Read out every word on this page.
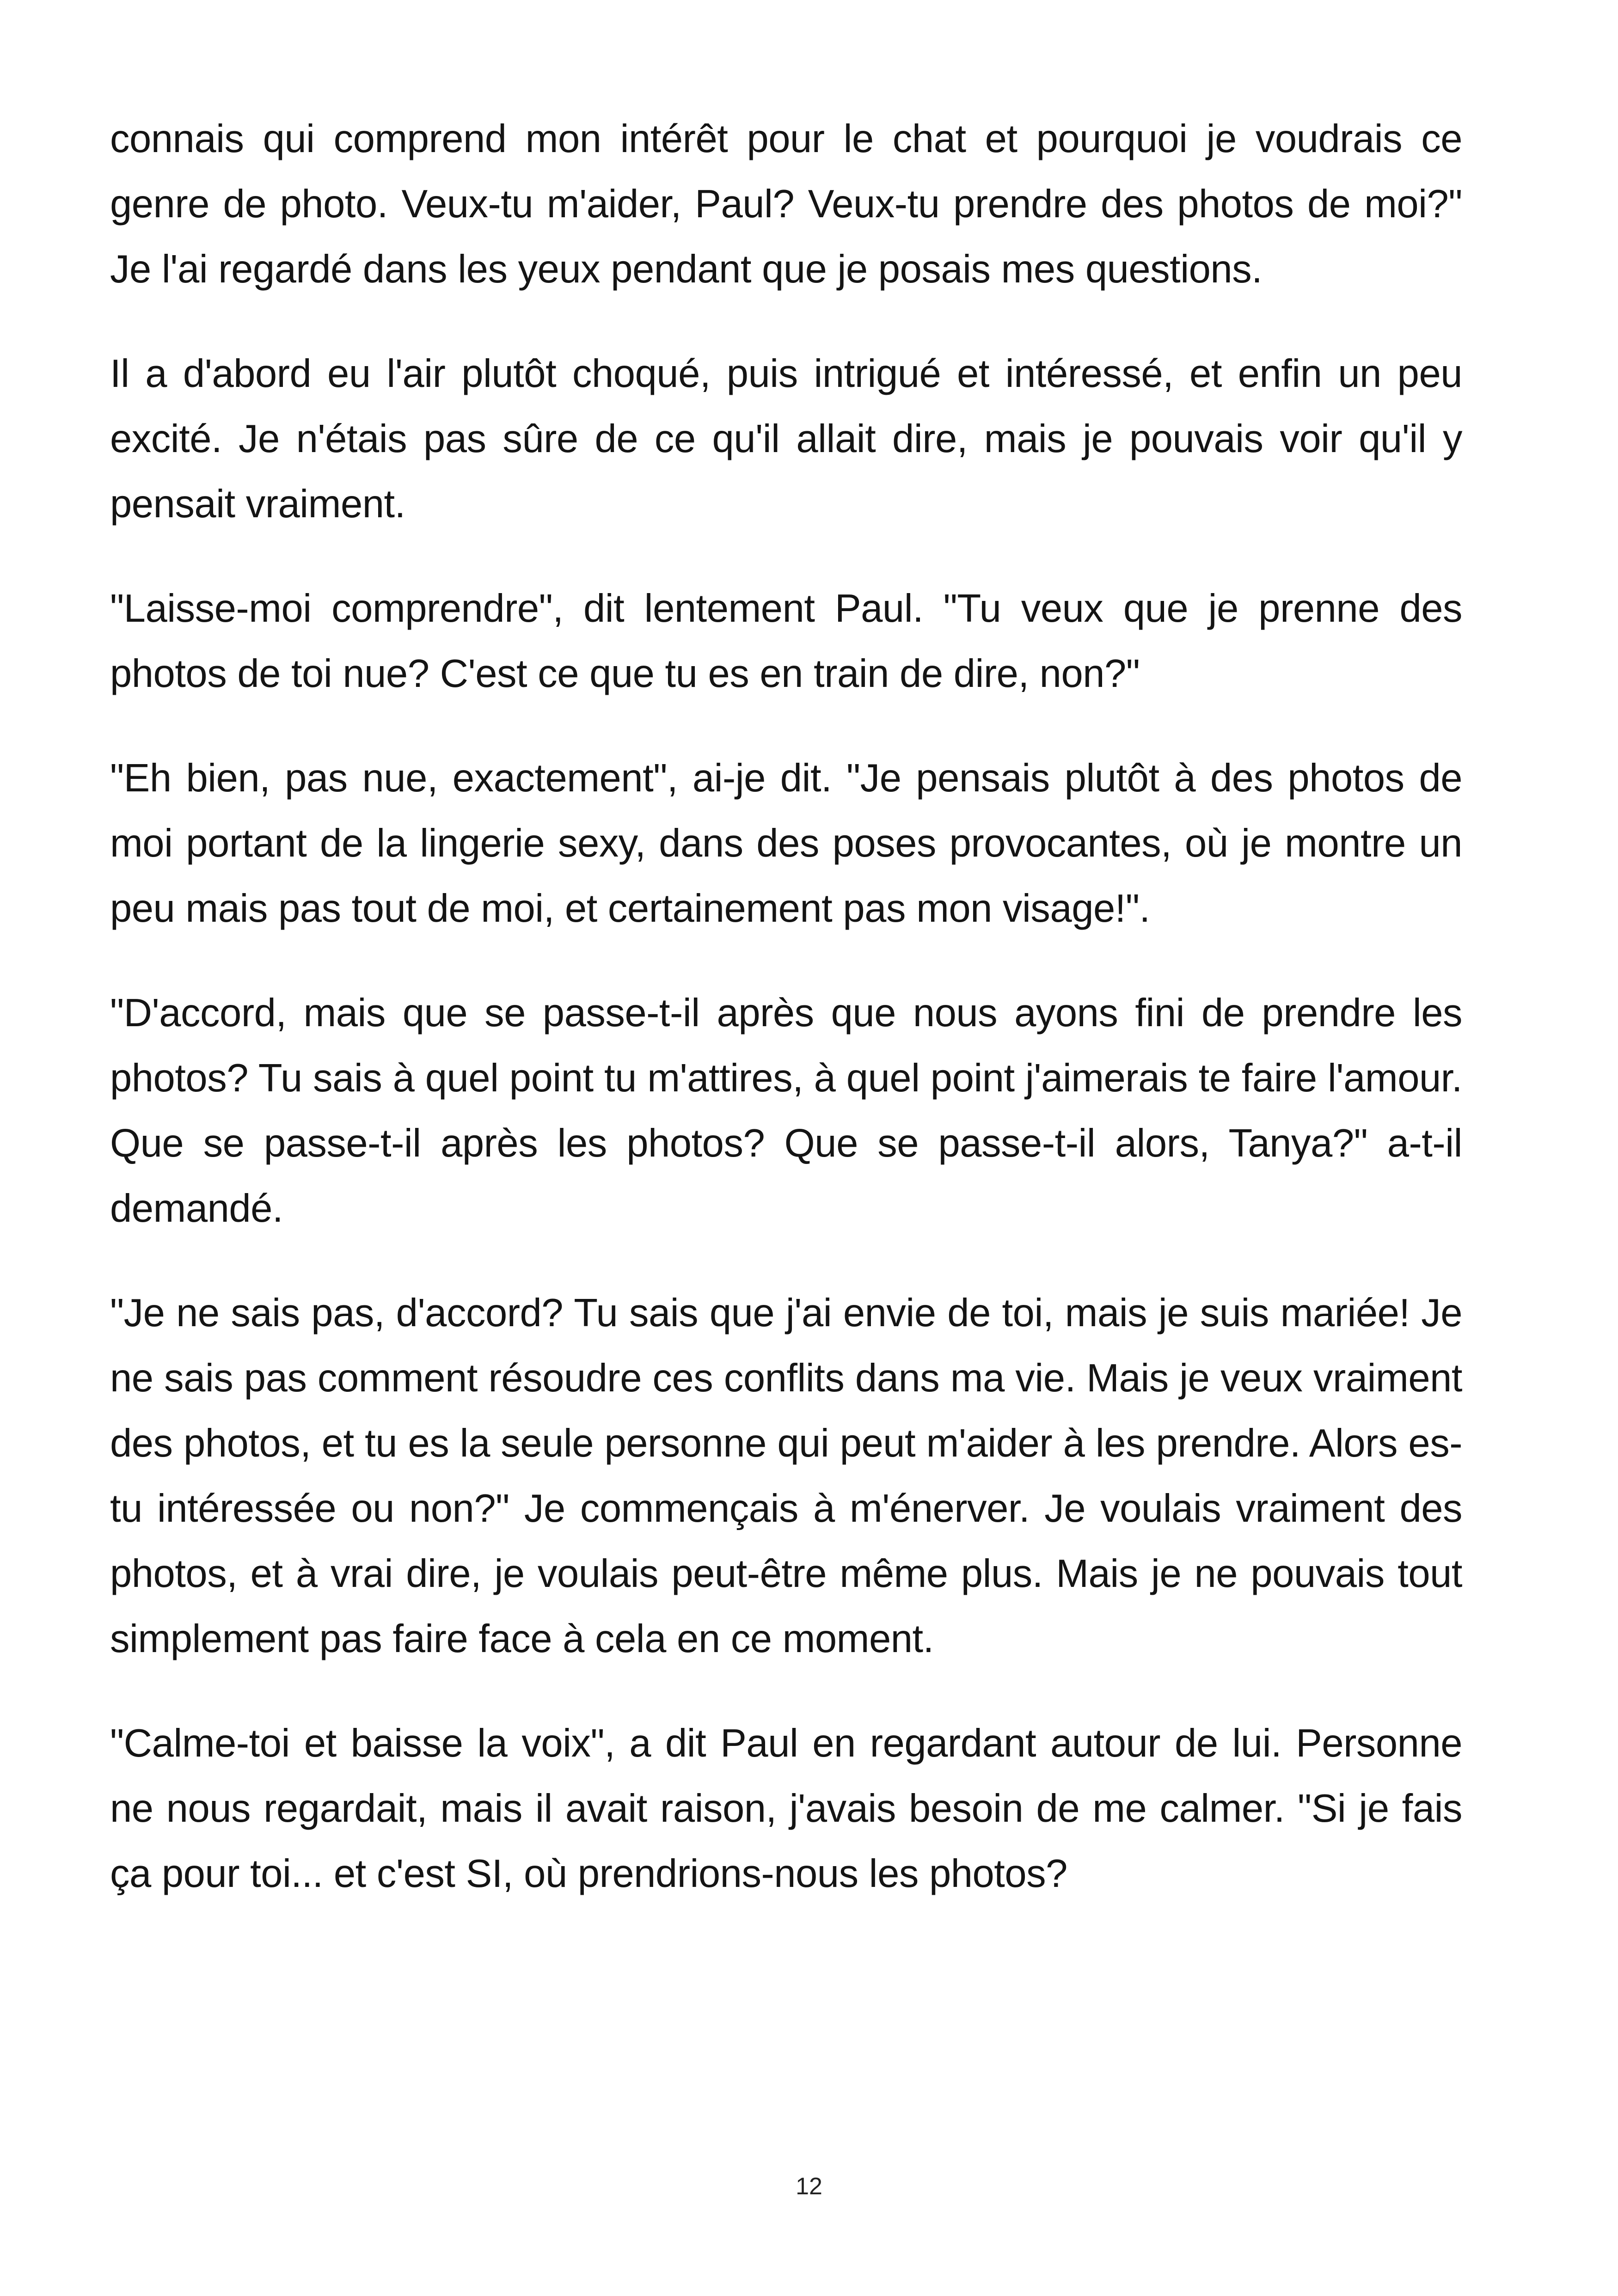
connais qui comprend mon intérêt pour le chat et pourquoi je voudrais ce genre de photo. Veux-tu m'aider, Paul? Veux-tu prendre des photos de moi?" Je l'ai regardé dans les yeux pendant que je posais mes questions.

Il a d'abord eu l'air plutôt choqué, puis intrigué et intéressé, et enfin un peu excité. Je n'étais pas sûre de ce qu'il allait dire, mais je pouvais voir qu'il y pensait vraiment.

"Laisse-moi comprendre", dit lentement Paul. "Tu veux que je prenne des photos de toi nue? C'est ce que tu es en train de dire, non?"

"Eh bien, pas nue, exactement", ai-je dit. "Je pensais plutôt à des photos de moi portant de la lingerie sexy, dans des poses provocantes, où je montre un peu mais pas tout de moi, et certainement pas mon visage!".

"D'accord, mais que se passe-t-il après que nous ayons fini de prendre les photos? Tu sais à quel point tu m'attires, à quel point j'aimerais te faire l'amour. Que se passe-t-il après les photos? Que se passe-t-il alors, Tanya?" a-t-il demandé.

"Je ne sais pas, d'accord? Tu sais que j'ai envie de toi, mais je suis mariée! Je ne sais pas comment résoudre ces conflits dans ma vie. Mais je veux vraiment des photos, et tu es la seule personne qui peut m'aider à les prendre. Alors es-tu intéressée ou non?" Je commençais à m'énerver. Je voulais vraiment des photos, et à vrai dire, je voulais peut-être même plus. Mais je ne pouvais tout simplement pas faire face à cela en ce moment.

"Calme-toi et baisse la voix", a dit Paul en regardant autour de lui. Personne ne nous regardait, mais il avait raison, j'avais besoin de me calmer. "Si je fais ça pour toi... et c'est SI, où prendrions-nous les photos?

12
